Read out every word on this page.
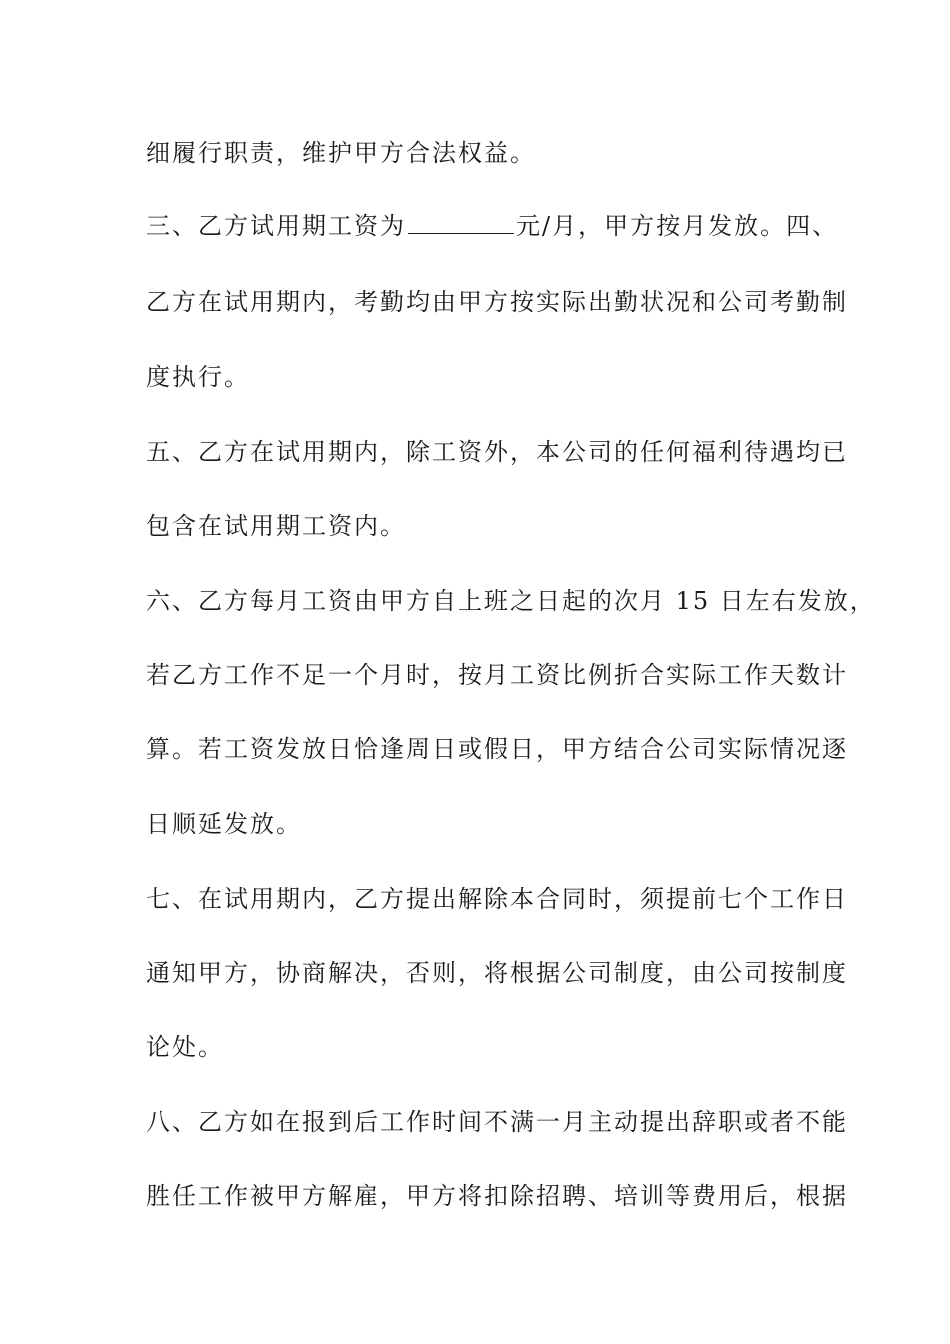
细履行职责，维护甲方合法权益。
三、乙方试用期工资为	元/月，甲方按月发放。四、
乙方在试用期内，考勤均由甲方按实际出勤状况和公司考勤制
度执行。
五、乙方在试用期内，除工资外，本公司的任何福利待遇均已
包含在试用期工资内。
六、乙方每月工资由甲方自上班之日起的次月 15 日左右发放，
若乙方工作不足一个月时，按月工资比例折合实际工作天数计
算。若工资发放日恰逢周日或假日，甲方结合公司实际情况逐
日顺延发放。
七、在试用期内，乙方提出解除本合同时，须提前七个工作日
通知甲方，协商解决，否则，将根据公司制度，由公司按制度
论处。
八、乙方如在报到后工作时间不满一月主动提出辞职或者不能
胜任工作被甲方解雇，甲方将扣除招聘、培训等费用后，根据
